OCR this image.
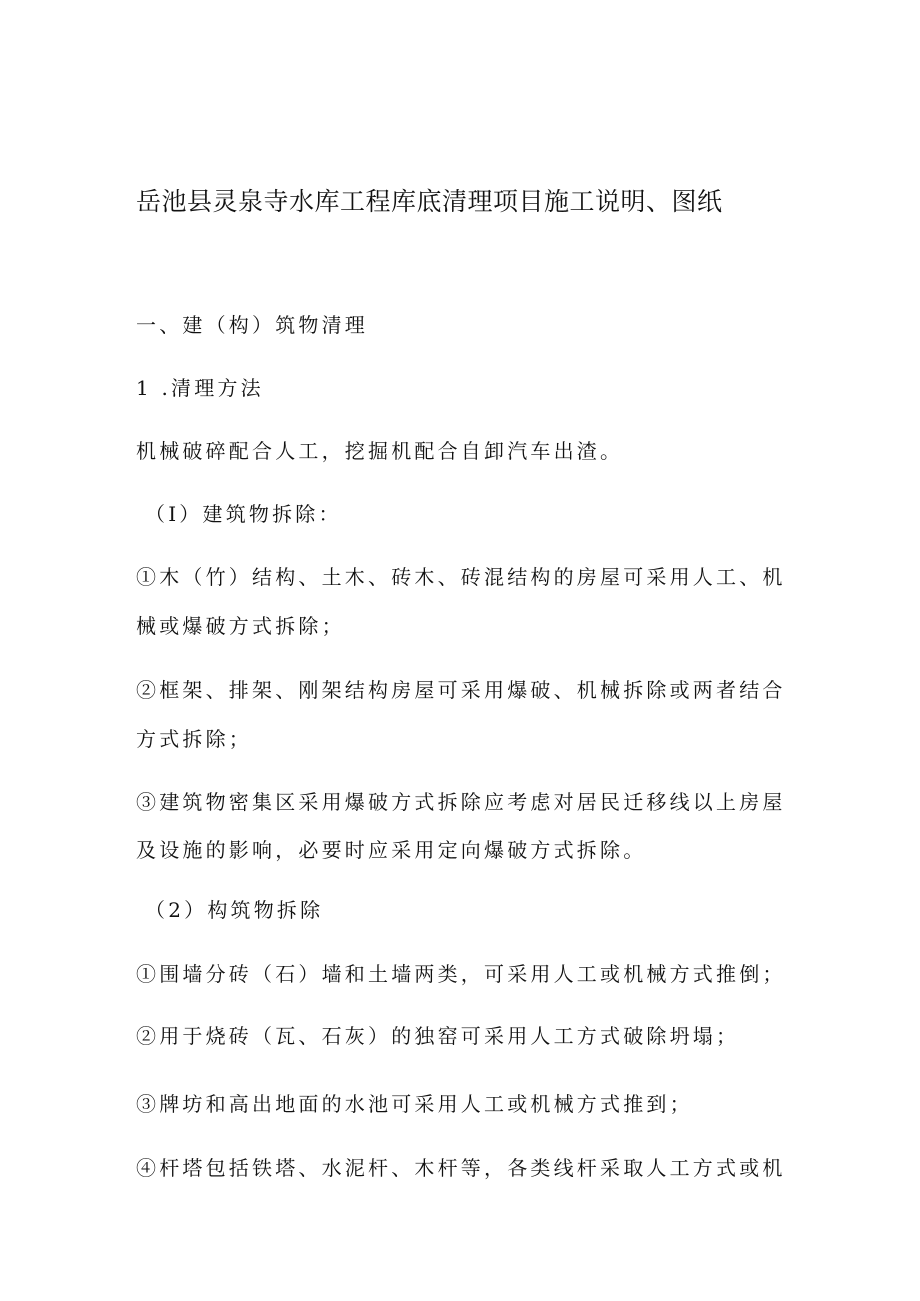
岳池县灵泉寺水库工程库底清理项目施工说明、图纸
一、建（构）筑物清理
1 .清理方法
机械破碎配合人工，挖掘机配合自卸汽车出渣。
（I）建筑物拆除：
①木（竹）结构、土木、砖木、砖混结构的房屋可采用人工、机
械或爆破方式拆除；
②框架、排架、刚架结构房屋可采用爆破、机械拆除或两者结合
方式拆除；
③建筑物密集区采用爆破方式拆除应考虑对居民迁移线以上房屋
及设施的影响，必要时应采用定向爆破方式拆除。
（2）构筑物拆除
①围墙分砖（石）墙和土墙两类，可采用人工或机械方式推倒；
②用于烧砖（瓦、石灰）的独窑可采用人工方式破除坍塌；
③牌坊和高出地面的水池可采用人工或机械方式推到；
④杆塔包括铁塔、水泥杆、木杆等，各类线杆采取人工方式或机
